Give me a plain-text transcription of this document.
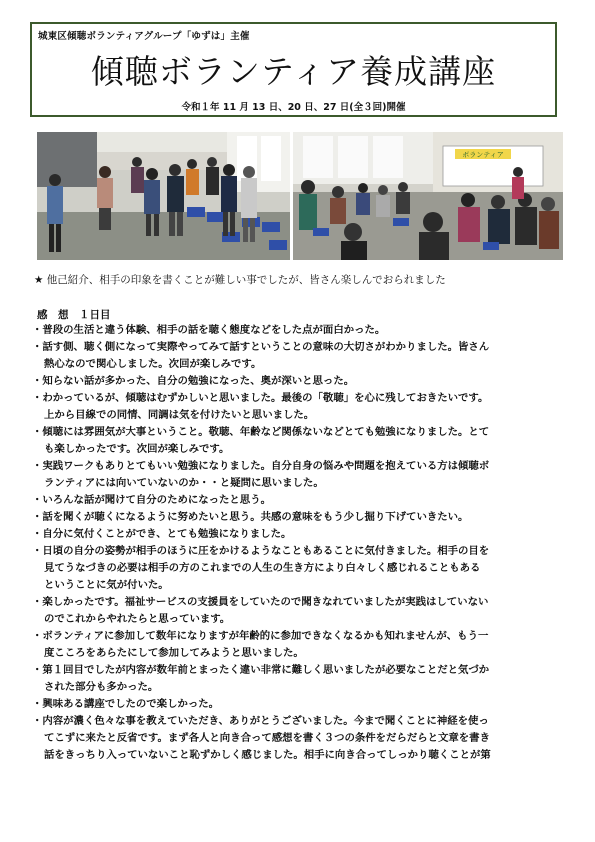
城東区傾聴ボランティアグループ「ゆずは」主催
傾聴ボランティア養成講座
令和１年 11 月 13 日、20 日、27 日(全３回)開催
ボランティア
★ 他己紹介、相手の印象を書くことが難しい事でしたが、皆さん楽しんでおられました
感　想　１日目
・普段の生活と違う体験、相手の話を聴く態度などをした点が面白かった。
・話す側、聴く側になって実際やってみて話すということの意味の大切さがわかりました。皆さん
熱心なので関心しました。次回が楽しみです。
・知らない話が多かった、自分の勉強になった、奥が深いと思った。
・わかっているが、傾聴はむずかしいと思いました。最後の「敬聴」を心に残しておきたいです。
上から目線での同情、同調は気を付けたいと思いました。
・傾聴には雰囲気が大事ということ。敬聴、年齢など関係ないなどとても勉強になりました。とて
も楽しかったです。次回が楽しみです。
・実践ワークもありとてもいい勉強になりました。自分自身の悩みや問題を抱えている方は傾聴ボ
ランティアには向いていないのか・・と疑問に思いました。
・いろんな話が聞けて自分のためになったと思う。
・話を聞くが聴くになるように努めたいと思う。共感の意味をもう少し掘り下げていきたい。
・自分に気付くことができ、とても勉強になりました。
・日頃の自分の姿勢が相手のほうに圧をかけるようなこともあることに気付きました。相手の目を
見てうなづきの必要は相手の方のこれまでの人生の生き方により白々しく感じれることもある
ということに気が付いた。
・楽しかったです。福祉サービスの支援員をしていたので聞きなれていましたが実践はしていない
のでこれからやれたらと思っています。
・ボランティアに参加して数年になりますが年齢的に参加できなくなるかも知れませんが、もう一
度こころをあらたにして参加してみようと思いました。
・第１回目でしたが内容が数年前とまったく違い非常に難しく思いましたが必要なことだと気づか
された部分も多かった。
・興味ある講座でしたので楽しかった。
・内容が濃く色々な事を教えていただき、ありがとうございました。今まで聞くことに神経を使っ
てこずに来たと反省です。まず各人と向き合って感想を書く３つの条件をだらだらと文章を書き
話をきっちり入っていないこと恥ずかしく感じました。相手に向き合ってしっかり聴くことが第
